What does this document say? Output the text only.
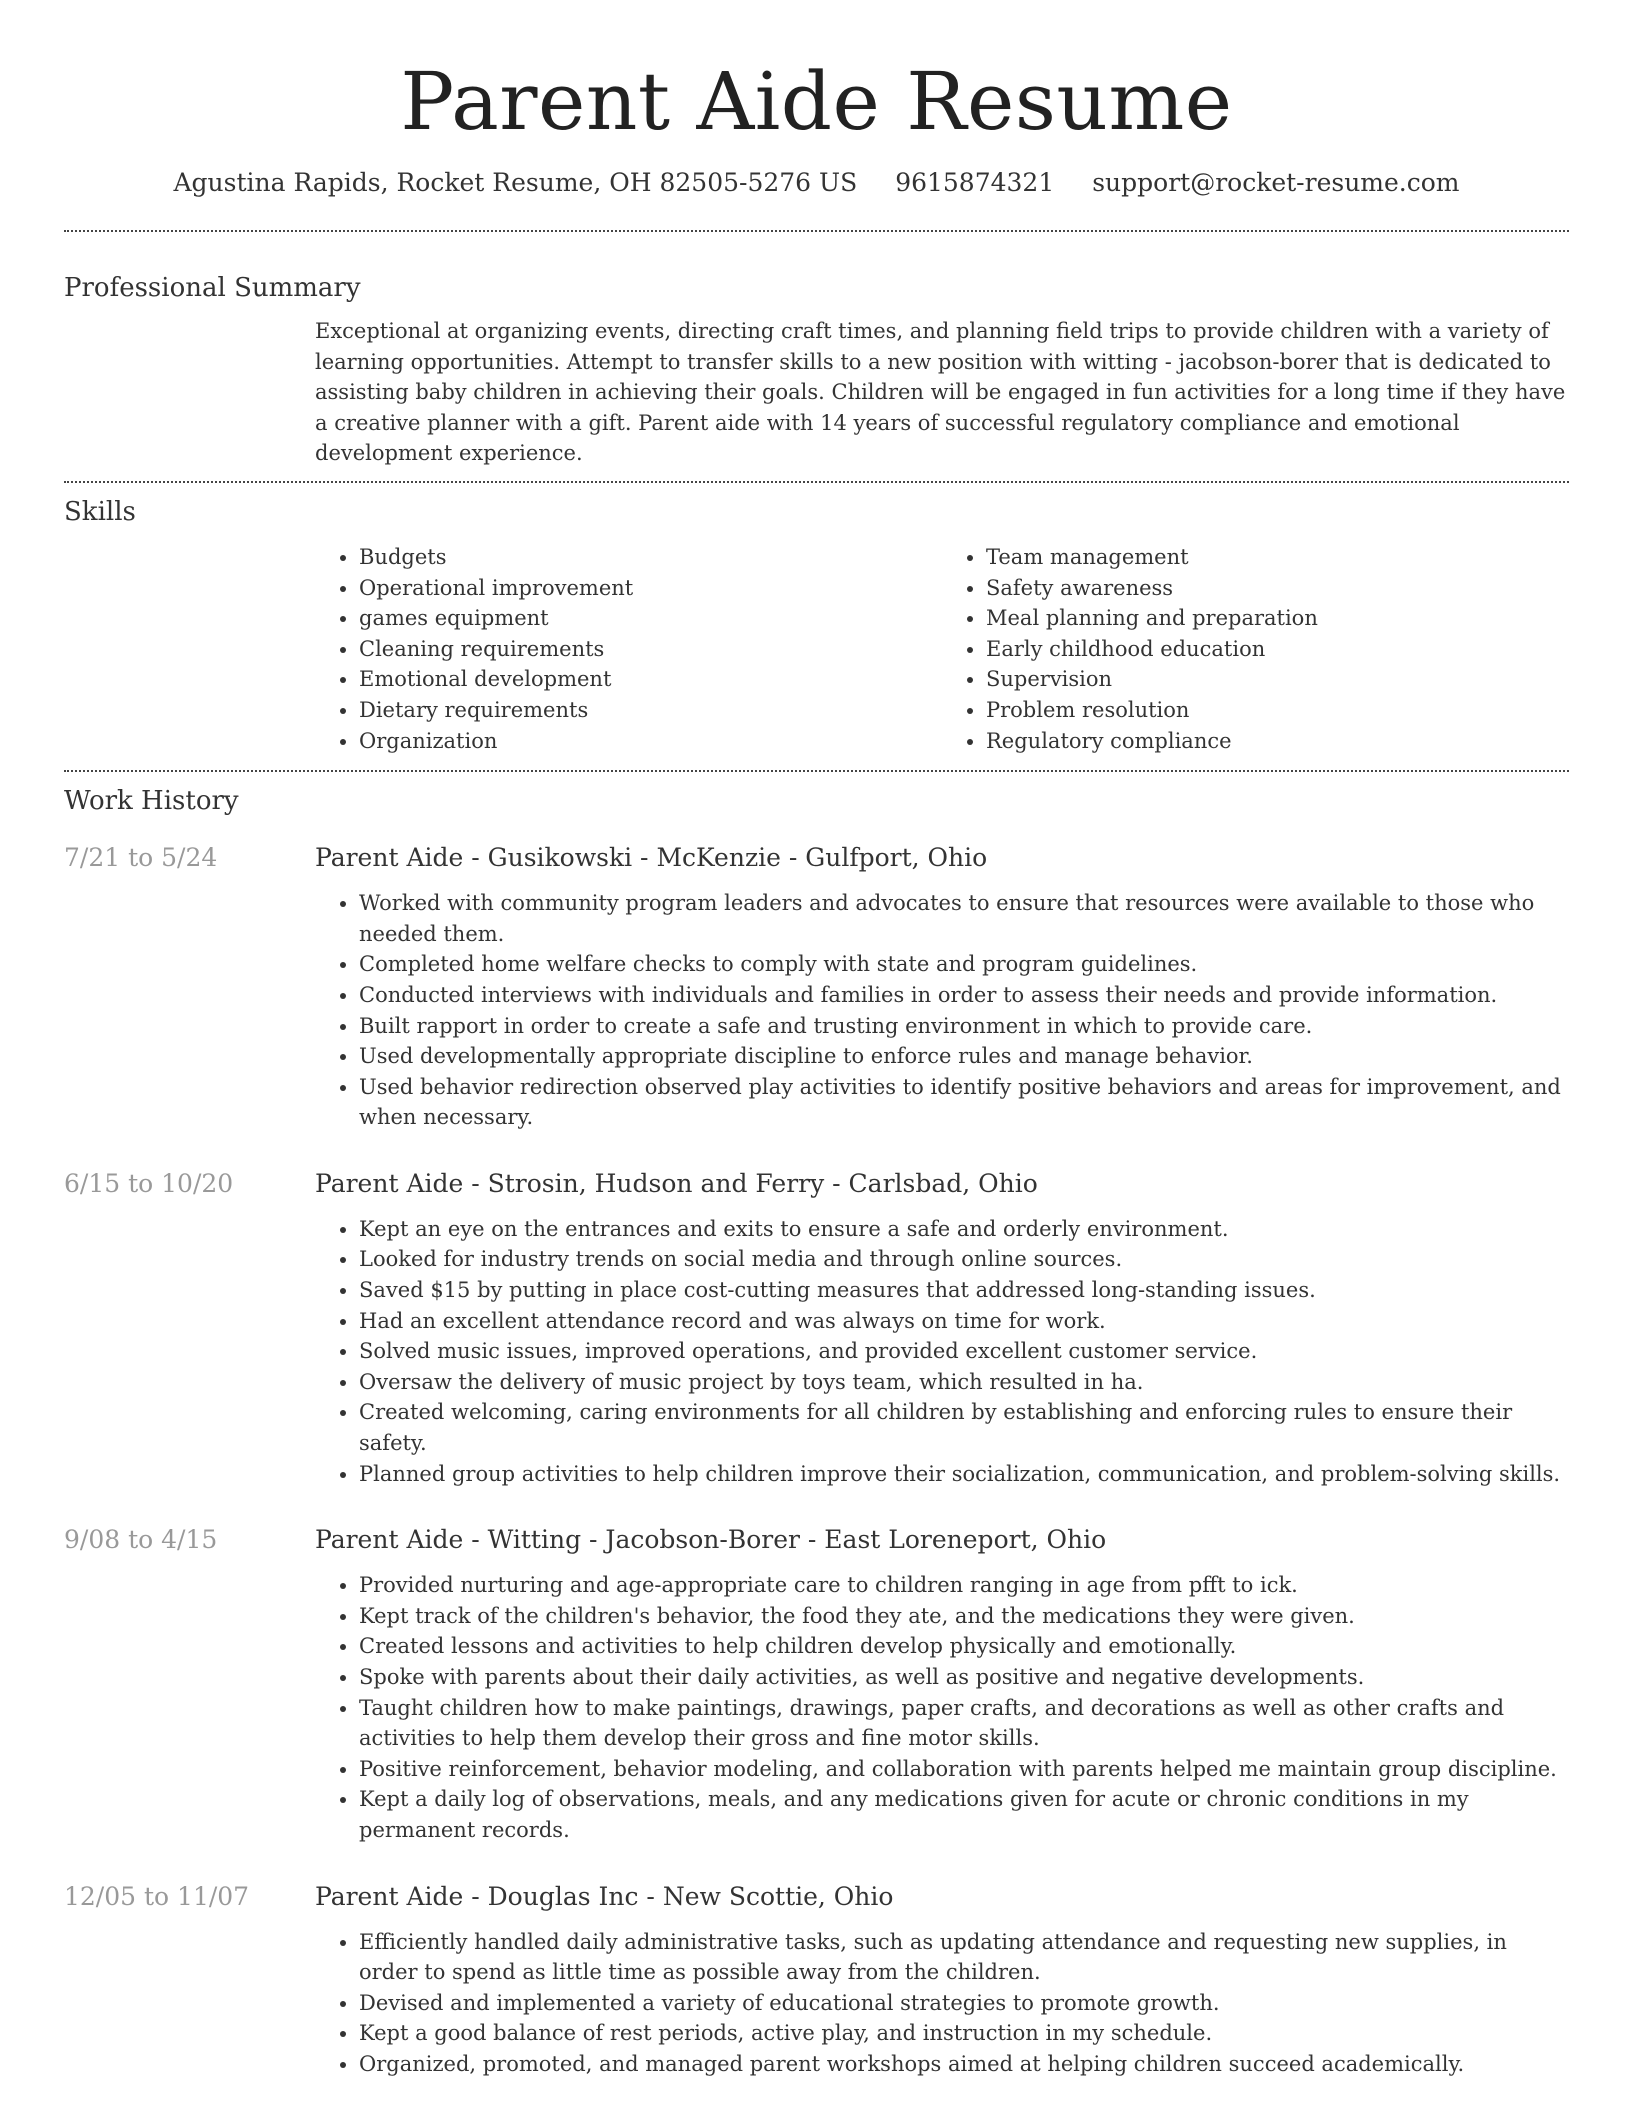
Parent Aide Resume
Agustina Rapids, Rocket Resume, OH 82505-5276 US 9615874321 support@rocket-resume.com
Professional Summary
Exceptional at organizing events, directing craft times, and planning field trips to provide children with a variety of learning opportunities. Attempt to transfer skills to a new position with witting - jacobson-borer that is dedicated to assisting baby children in achieving their goals. Children will be engaged in fun activities for a long time if they have a creative planner with a gift. Parent aide with 14 years of successful regulatory compliance and emotional development experience.
Skills
• Budgets
• Operational improvement
• games equipment
• Cleaning requirements
• Emotional development
• Dietary requirements
• Organization
• Team management
• Safety awareness
• Meal planning and preparation
• Early childhood education
• Supervision
• Problem resolution
• Regulatory compliance
Work History
7/21 to 5/24	Parent Aide - Gusikowski - McKenzie - Gulfport, Ohio
• Worked with community program leaders and advocates to ensure that resources were available to those who needed them.
• Completed home welfare checks to comply with state and program guidelines.
• Conducted interviews with individuals and families in order to assess their needs and provide information.
• Built rapport in order to create a safe and trusting environment in which to provide care.
• Used developmentally appropriate discipline to enforce rules and manage behavior.
• Used behavior redirection observed play activities to identify positive behaviors and areas for improvement, and when necessary.
6/15 to 10/20	Parent Aide - Strosin, Hudson and Ferry - Carlsbad, Ohio
• Kept an eye on the entrances and exits to ensure a safe and orderly environment.
• Looked for industry trends on social media and through online sources.
• Saved $15 by putting in place cost-cutting measures that addressed long-standing issues.
• Had an excellent attendance record and was always on time for work.
• Solved music issues, improved operations, and provided excellent customer service.
• Oversaw the delivery of music project by toys team, which resulted in ha.
• Created welcoming, caring environments for all children by establishing and enforcing rules to ensure their safety.
• Planned group activities to help children improve their socialization, communication, and problem-solving skills.
9/08 to 4/15	Parent Aide - Witting - Jacobson-Borer - East Loreneport, Ohio
• Provided nurturing and age-appropriate care to children ranging in age from pfft to ick.
• Kept track of the children's behavior, the food they ate, and the medications they were given.
• Created lessons and activities to help children develop physically and emotionally.
• Spoke with parents about their daily activities, as well as positive and negative developments.
• Taught children how to make paintings, drawings, paper crafts, and decorations as well as other crafts and activities to help them develop their gross and fine motor skills.
• Positive reinforcement, behavior modeling, and collaboration with parents helped me maintain group discipline.
• Kept a daily log of observations, meals, and any medications given for acute or chronic conditions in my permanent records.
12/05 to 11/07	Parent Aide - Douglas Inc - New Scottie, Ohio
• Efficiently handled daily administrative tasks, such as updating attendance and requesting new supplies, in order to spend as little time as possible away from the children.
• Devised and implemented a variety of educational strategies to promote growth.
• Kept a good balance of rest periods, active play, and instruction in my schedule.
• Organized, promoted, and managed parent workshops aimed at helping children succeed academically.
